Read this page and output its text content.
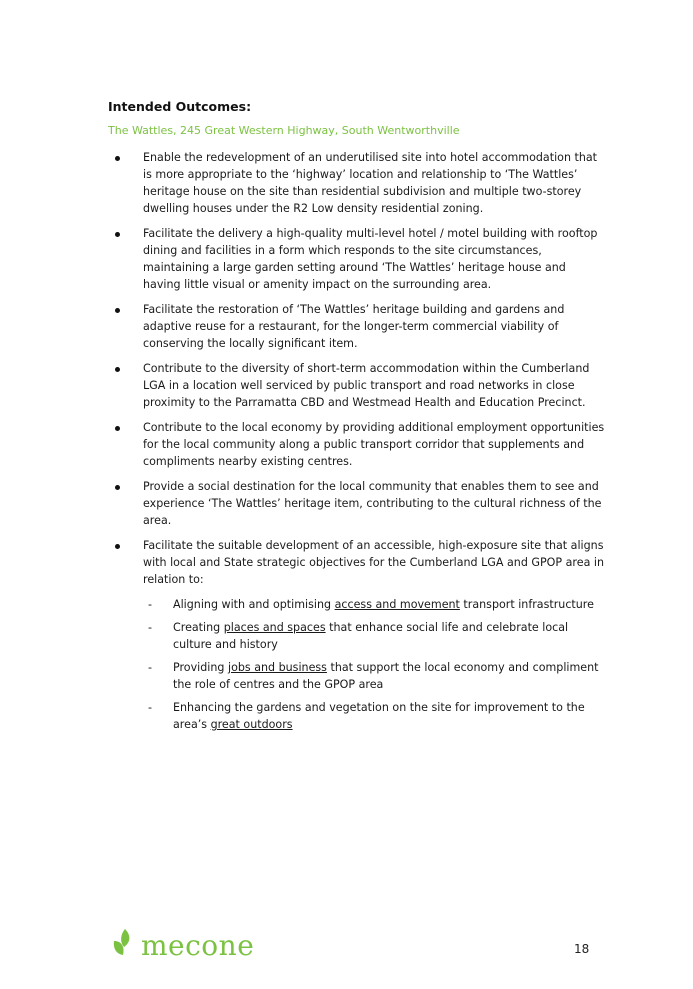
Intended Outcomes:
The Wattles, 245 Great Western Highway, South Wentworthville
Enable the redevelopment of an underutilised site into hotel accommodation that is more appropriate to the ‘highway’ location and relationship to ‘The Wattles’ heritage house on the site than residential subdivision and multiple two-storey dwelling houses under the R2 Low density residential zoning.
Facilitate the delivery a high-quality multi-level hotel / motel building with rooftop dining and facilities in a form which responds to the site circumstances, maintaining a large garden setting around ‘The Wattles’ heritage house and having little visual or amenity impact on the surrounding area.
Facilitate the restoration of ‘The Wattles’ heritage building and gardens and adaptive reuse for a restaurant, for the longer-term commercial viability of conserving the locally significant item.
Contribute to the diversity of short-term accommodation within the Cumberland LGA in a location well serviced by public transport and road networks in close proximity to the Parramatta CBD and Westmead Health and Education Precinct.
Contribute to the local economy by providing additional employment opportunities for the local community along a public transport corridor that supplements and compliments nearby existing centres.
Provide a social destination for the local community that enables them to see and experience ‘The Wattles’ heritage item, contributing to the cultural richness of the area.
Facilitate the suitable development of an accessible, high-exposure site that aligns with local and State strategic objectives for the Cumberland LGA and GPOP area in relation to:
- Aligning with and optimising access and movement transport infrastructure
- Creating places and spaces that enhance social life and celebrate local culture and history
- Providing jobs and business that support the local economy and compliment the role of centres and the GPOP area
- Enhancing the gardens and vegetation on the site for improvement to the area’s great outdoors
mecone	18
